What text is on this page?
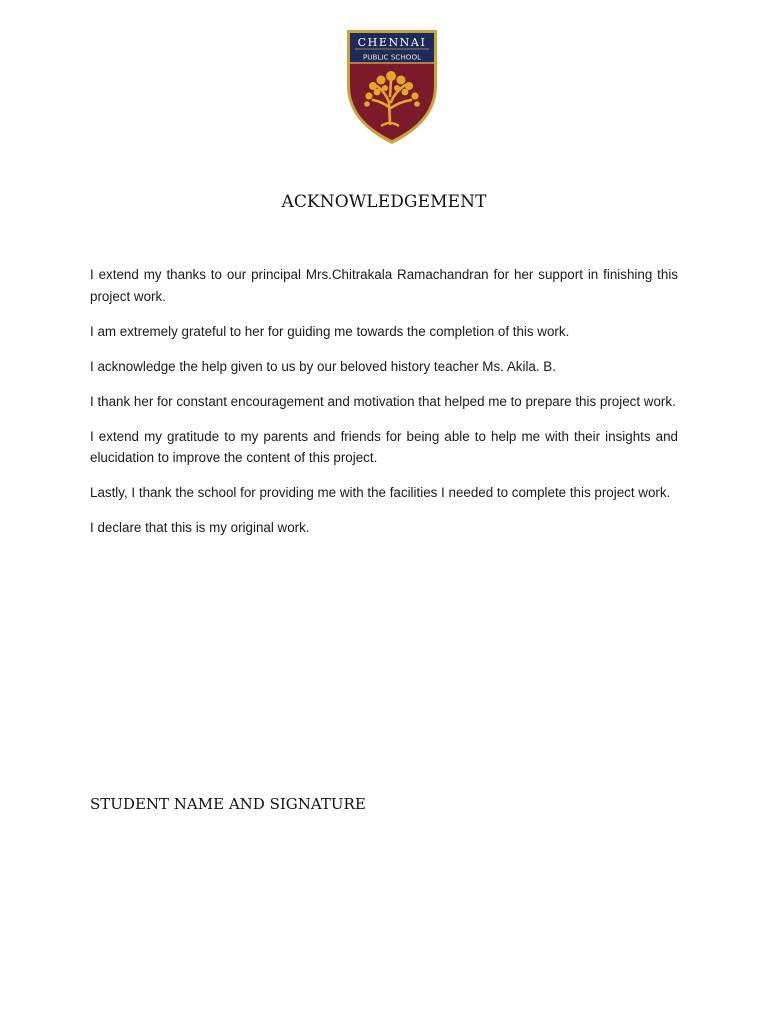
CHENNAI
PUBLIC SCHOOL
ACKNOWLEDGEMENT

I extend my thanks to our principal Mrs.Chitrakala Ramachandran for her support in finishing this project work.

I am extremely grateful to her for guiding me towards the completion of this work.

I acknowledge the help given to us by our beloved history teacher Ms. Akila. B.

I thank her for constant encouragement and motivation that helped me to prepare this project work.

I extend my gratitude to my parents and friends for being able to help me with their insights and elucidation to improve the content of this project.

Lastly, I thank the school for providing me with the facilities I needed to complete this project work.

I declare that this is my original work.

STUDENT NAME AND SIGNATURE
